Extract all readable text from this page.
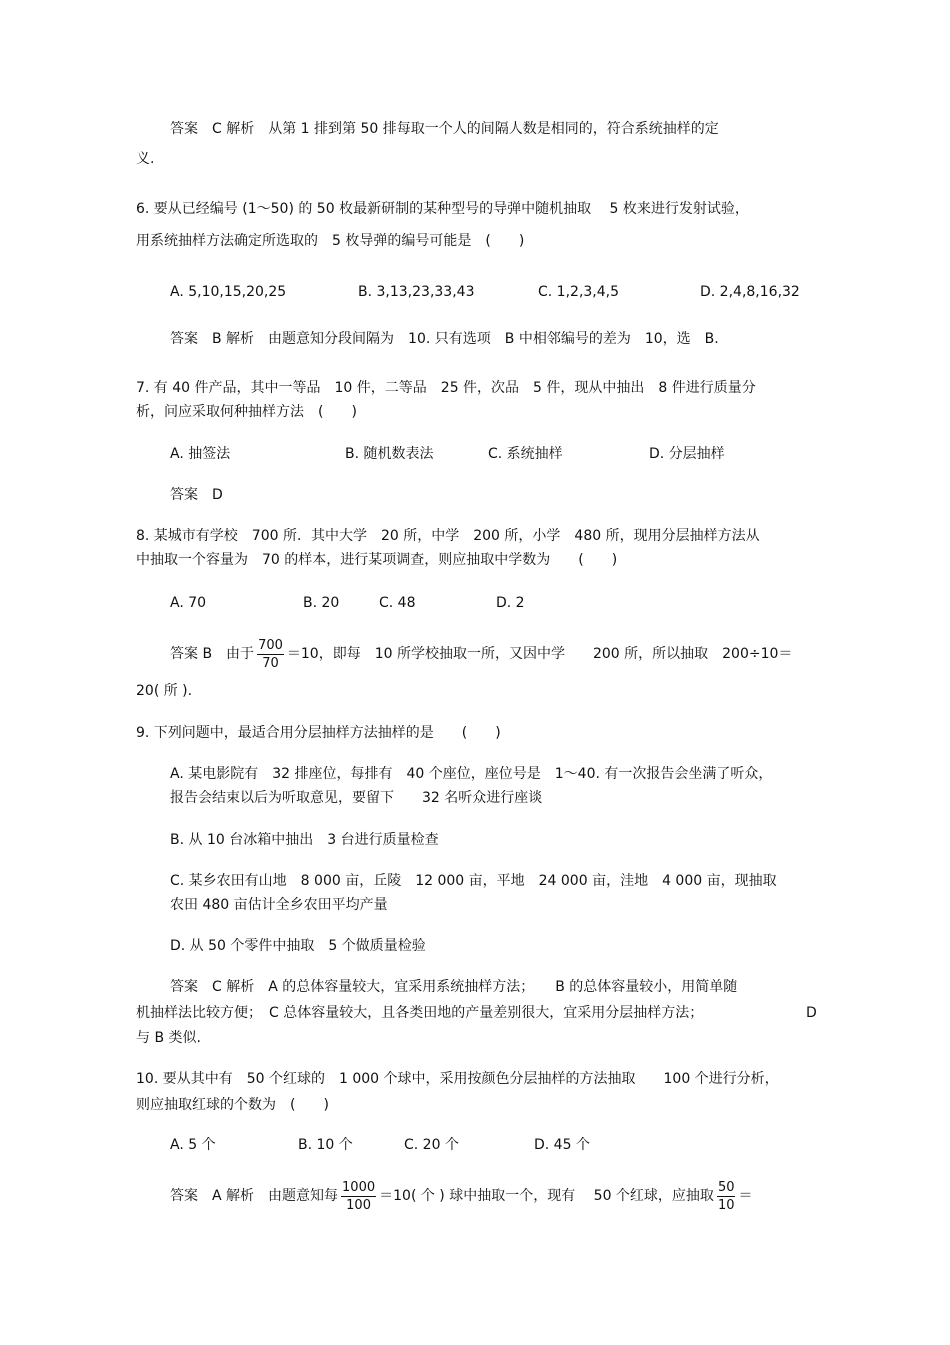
答案　C 解析　从第 1 排到第 50 排每取一个人的间隔人数是相同的，符合系统抽样的定
义.
6. 要从已经编号 (1～50) 的 50 枚最新研制的某种型号的导弹中随机抽取　 5 枚来进行发射试验，
用系统抽样方法确定所选取的　5 枚导弹的编号可能是　(　　)
A. 5,10,15,20,25	B. 3,13,23,33,43	C. 1,2,3,4,5	D. 2,4,8,16,32
答案　B 解析　由题意知分段间隔为　10. 只有选项　B 中相邻编号的差为　10，选　B.
7. 有 40 件产品，其中一等品　10 件，二等品　25 件，次品　5 件，现从中抽出　8 件进行质量分
析，问应采取何种抽样方法　(　　)
A. 抽签法	B. 随机数表法	C. 系统抽样	D. 分层抽样
答案　D
8. 某城市有学校　700 所．其中大学　20 所，中学　200 所，小学　480 所，现用分层抽样方法从
中抽取一个容量为　70 的样本，进行某项调查，则应抽取中学数为　　(　　)
A. 70	B. 20	C. 48	D. 2
答案 B　由于 $\frac{700}{70} =10$，即每　10 所学校抽取一所，又因中学　　200 所，所以抽取　200÷10＝
20( 所 ).
9. 下列问题中，最适合用分层抽样方法抽样的是　　(　　)
A. 某电影院有　32 排座位，每排有　40 个座位，座位号是　1～40. 有一次报告会坐满了听众，
报告会结束以后为听取意见，要留下　　32 名听众进行座谈
B. 从 10 台冰箱中抽出　3 台进行质量检查
C. 某乡农田有山地　8 000 亩，丘陵　12 000 亩，平地　24 000 亩，洼地　4 000 亩，现抽取
农田 480 亩估计全乡农田平均产量
D. 从 50 个零件中抽取　5 个做质量检验
答案　C 解析　A 的总体容量较大，宜采用系统抽样方法；　　B 的总体容量较小，用简单随
机抽样法比较方便；　C 总体容量较大，且各类田地的产量差别很大，宜采用分层抽样方法；	D
与 B 类似.
10. 要从其中有　50 个红球的　1 000 个球中，采用按颜色分层抽样的方法抽取　　100 个进行分析，
则应抽取红球的个数为　(　　)
A. 5 个	B. 10 个	C. 20 个	D. 45 个
答案　A 解析　由题意知每 $\frac{1000}{100} =10$( 个 ) 球中抽取一个，现有　 50 个红球，应抽取 $\frac{50}{10}$ ＝
